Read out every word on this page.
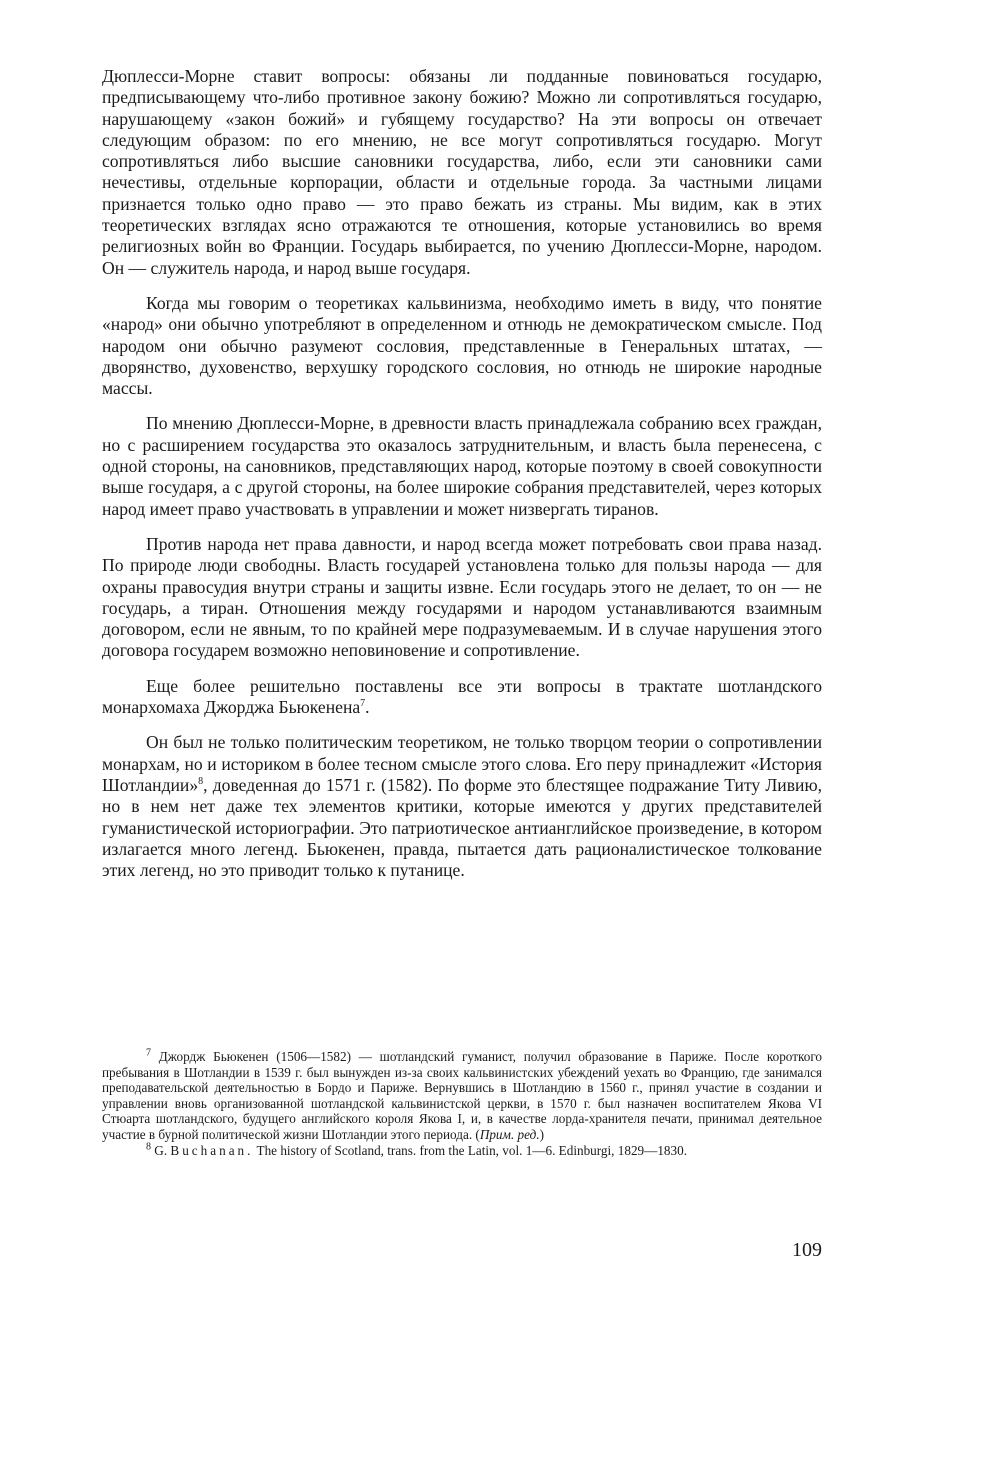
Дюплесси-Морне ставит вопросы: обязаны ли подданные повиноваться государю, предписывающему что-либо противное закону божию? Можно ли сопротивляться государю, нарушающему «закон божий» и губящему государство? На эти вопросы он отвечает следующим образом: по его мнению, не все могут сопротивляться государю. Могут сопротивляться либо высшие сановники государства, либо, если эти сановники сами нечестивы, отдельные корпорации, области и отдельные города. За частными лицами признается только одно право — это право бежать из страны. Мы видим, как в этих теоретических взглядах ясно отражаются те отношения, которые установились во время религиозных войн во Франции. Государь выбирается, по учению Дюплесси-Морне, народом. Он — служитель народа, и народ выше государя.

Когда мы говорим о теоретиках кальвинизма, необходимо иметь в виду, что понятие «народ» они обычно употребляют в определенном и отнюдь не демократическом смысле. Под народом они обычно разумеют сословия, представленные в Генеральных штатах, — дворянство, духовенство, верхушку городского сословия, но отнюдь не широкие народные массы.

По мнению Дюплесси-Морне, в древности власть принадлежала собранию всех граждан, но с расширением государства это оказалось затруднительным, и власть была перенесена, с одной стороны, на сановников, представляющих народ, которые поэтому в своей совокупности выше государя, а с другой стороны, на более широкие собрания представителей, через которых народ имеет право участвовать в управлении и может низвергать тиранов.

Против народа нет права давности, и народ всегда может потребовать свои права назад. По природе люди свободны. Власть государей установлена только для пользы народа — для охраны правосудия внутри страны и защиты извне. Если государь этого не делает, то он — не государь, а тиран. Отношения между государями и народом устанавливаются взаимным договором, если не явным, то по крайней мере подразумеваемым. И в случае нарушения этого договора государем возможно неповиновение и сопротивление.

Еще более решительно поставлены все эти вопросы в трактате шотландского монархомаха Джорджа Бьюкенена$^7$.

Он был не только политическим теоретиком, не только творцом теории о сопротивлении монархам, но и историком в более тесном смысле этого слова. Его перу принадлежит «История Шотландии»$^8$, доведенная до 1571 г. (1582). По форме это блестящее подражание Титу Ливию, но в нем нет даже тех элементов критики, которые имеются у других представителей гуманистической историографии. Это патриотическое антианглийское произведение, в котором излагается много легенд. Бьюкенен, правда, пытается дать рационалистическое толкование этих легенд, но это приводит только к путанице.

$^7$ Джордж Бьюкенен (1506—1582) — шотландский гуманист, получил образование в Париже. После короткого пребывания в Шотландии в 1539 г. был вынужден из-за своих кальвинистских убеждений уехать во Францию, где занимался преподавательской деятельностью в Бордо и Париже. Вернувшись в Шотландию в 1560 г., принял участие в создании и управлении вновь организованной шотландской кальвинистской церкви, в 1570 г. был назначен воспитателем Якова VI Стюарта шотландского, будущего английского короля Якова I, и, в качестве лорда-хранителя печати, принимал деятельное участие в бурной политической жизни Шотландии этого периода. (Прим. ред.)

$^8$ G. Buchanan. The history of Scotland, trans. from the Latin, vol. 1—6. Edinburgi, 1829—1830.

109
